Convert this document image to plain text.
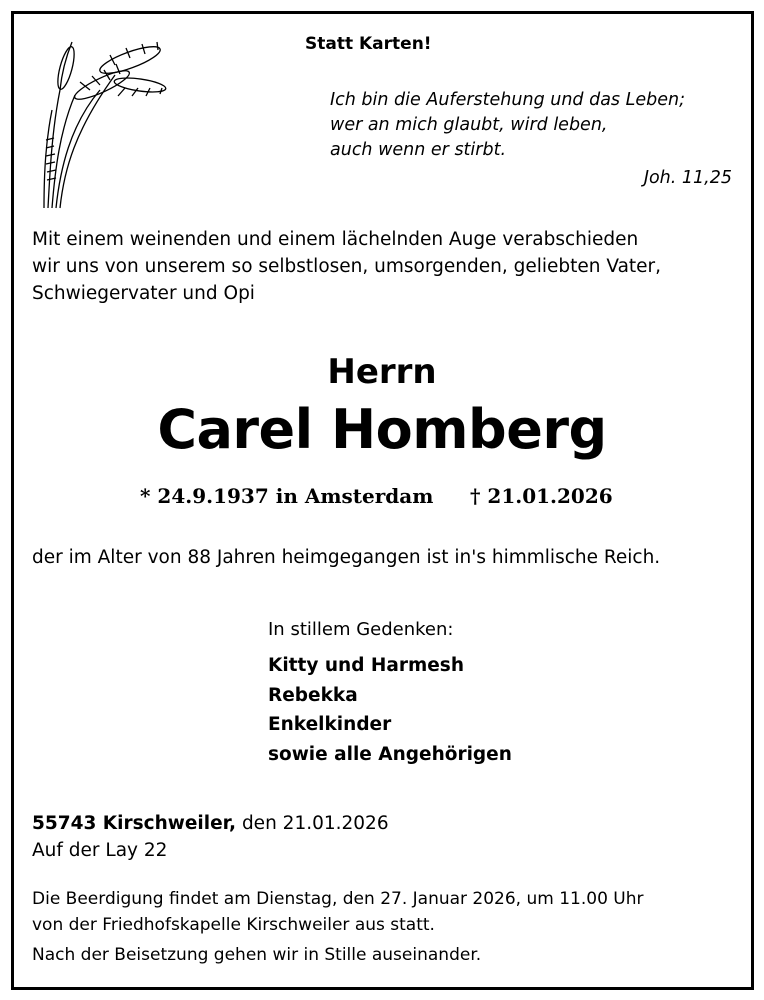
Statt Karten!
Ich bin die Auferstehung und das Leben;
wer an mich glaubt, wird leben,
auch wenn er stirbt.
Joh. 11,25
Mit einem weinenden und einem lächelnden Auge verabschieden
wir uns von unserem so selbstlosen, umsorgenden, geliebten Vater,
Schwiegervater und Opi
Herrn
Carel Homberg
* 24.9.1937 in Amsterdam † 21.01.2026
der im Alter von 88 Jahren heimgegangen ist in's himmlische Reich.
In stillem Gedenken:
Kitty und Harmesh
Rebekka
Enkelkinder
sowie alle Angehörigen
55743 Kirschweiler, den 21.01.2026
Auf der Lay 22
Die Beerdigung findet am Dienstag, den 27. Januar 2026, um 11.00 Uhr
von der Friedhofskapelle Kirschweiler aus statt.
Nach der Beisetzung gehen wir in Stille auseinander.
